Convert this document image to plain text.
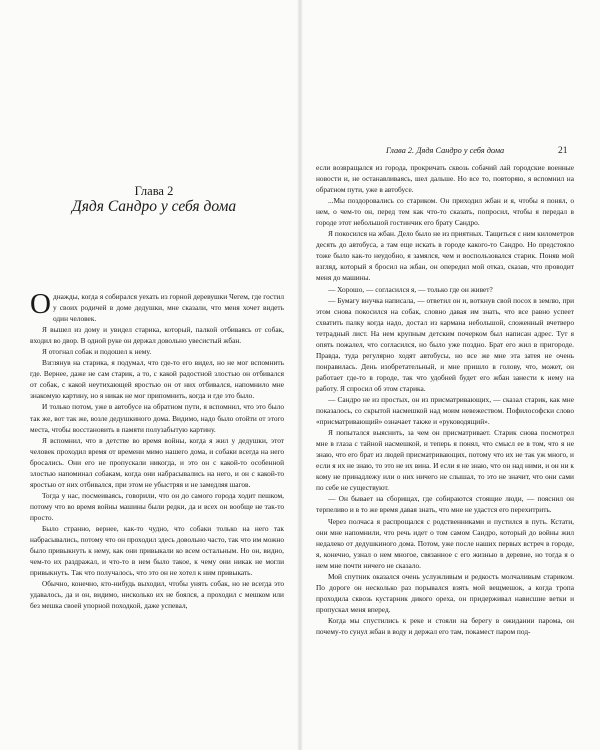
Глава 2
Дядя Сандро у себя дома

Однажды, когда я собирался уехать из горной деревушки Чегем, где гостил у своих родичей в доме дедушки, мне сказали, что меня хочет видеть один человек.

Я вышел из дому и увидел старика, который, палкой отбиваясь от собак, входил во двор. В одной руке он держал довольно увесистый жбан.

Я отогнал собак и подошел к нему.

Взглянув на старика, я подумал, что где-то его видел, но не мог вспомнить где. Вернее, даже не сам старик, а то, с какой радостной злостью он отбивался от собак, с какой неутихающей яростью он от них отбивался, напомнило мне знакомую картину, но я никак не мог припомнить, когда и где это было.

И только потом, уже в автобусе на обратном пути, я вспомнил, что это было так же, вот так же, возле дедушкиного дома. Видимо, надо было отойти от этого места, чтобы восстановить в памяти полузабытую картину.

Я вспомнил, что в детстве во время войны, когда я жил у дедушки, этот человек проходил время от времени мимо нашего дома, и собаки всегда на него бросались. Они его не пропускали никогда, и это он с какой-то особенной злостью напоминал собакам, когда они набрасывались на него, и он с какой-то яростью от них отбивался, при этом не убыстряя и не замедляя шагов.

Тогда у нас, посмеиваясь, говорили, что он до самого города ходит пешком, потому что во время войны машины были редки, да и всех он вообще не так-то просто.

Было странно, вернее, как-то чудно, что собаки только на него так набрасывались, потому что он проходил здесь довольно часто, так что им можно было привыкнуть к нему, как они привыкали ко всем остальным. Но он, видно, чем-то их раздражал, и что-то в нем было такое, к чему они никак не могли привыкнуть. Так что получалось, что это он не хотел к ним привыкать.

Обычно, конечно, кто-нибудь выходил, чтобы унять собак, но не всегда это удавалось, да и он, видимо, нисколько их не боялся, а проходил с мешком или без мешка своей упорной походкой, даже успевал,

Глава 2. Дядя Сандро у себя дома	21

если возвращался из города, прокричать сквозь собачий лай городские военные новости и, не останавливаясь, шел дальше. Но все то, повторяю, я вспомнил на обратном пути, уже в автобусе.

...Мы поздоровались со стариком. Он приходил жбан и я, чтобы я понял, о нем, о чем-то он, перед тем как что-то сказать, попросил, чтобы я передал в городе этот небольшой гостинчик его брату Сандро.

Я покосился на жбан. Дело было не из приятных. Тащиться с ним километров десять до автобуса, а там еще искать в городе какого-то Сандро. Но предстояло тоже было как-то неудобно, я замялся, чем и воспользовался старик. Поняв мой взгляд, который я бросил на жбан, он опередил мой отказ, сказав, что проводит меня до машины.

— Хорошо, — согласился я, — только где он живет?

— Бумагу внучка написала, — ответил он и, воткнув свой посох в землю, при этом снова покосился на собак, словно давая им знать, что все равно успеет схватить палку когда надо, достал из кармана небольшой, сложенный вчетверо тетрадный лист. На нем крупным детским почерком был написан адрес. Тут я опять пожалел, что согласился, но было уже поздно. Брат его жил в пригороде. Правда, туда регулярно ходят автобусы, но все же мне эта затея не очень понравилась. День изобретательный, и мне пришло в голову, что, может, он работает где-то в городе, так что удобней будет его жбан занести к нему на работу. Я спросил об этом старика.

— Сандро не из простых, он из присматривающих, — сказал старик, как мне показалось, со скрытой насмешкой над моим невежеством. Пофилософски слово «присматривающий» означает также и «руководящий».

Я попытался выяснить, за чем он присматривает. Старик снова посмотрел мне в глаза с тайной насмешкой, и теперь я понял, что смысл ее в том, что я не знаю, что его брат из людей присматривающих, потому что их не так уж много, и если я их не знаю, то это не их вина. И если я не знаю, что он над ними, и он ни к кому не принадлежу или о них ничего не слышал, то это не значит, что они сами по себе не существуют.

— Он бывает на сборищах, где собираются стоящие люди, — пояснил он терпеливо и в то же время давая знать, что мне не удастся его перехитрить.

Через полчаса я распрощался с родственниками и пустился в путь. Кстати, они мне напомнили, что речь идет о том самом Сандро, который до войны жил недалеко от дедушкиного дома. Потом, уже после наших первых встреч в городе, я, конечно, узнал о нем многое, связанное с его жизнью в деревне, но тогда я о нем мне почти ничего не сказало.

Мой спутник оказался очень услужливым и редкость молчаливым стариком. По дороге он несколько раз порывался взять мой вещмешок, а когда тропа проходила сквозь кустарник дикого ореха, он придерживал нависшие ветки и пропускал меня вперед.

Когда мы спустились к реке и стояли на берегу в ожидании парома, он почему-то сунул жбан в воду и держал его там, покамест паром под-
